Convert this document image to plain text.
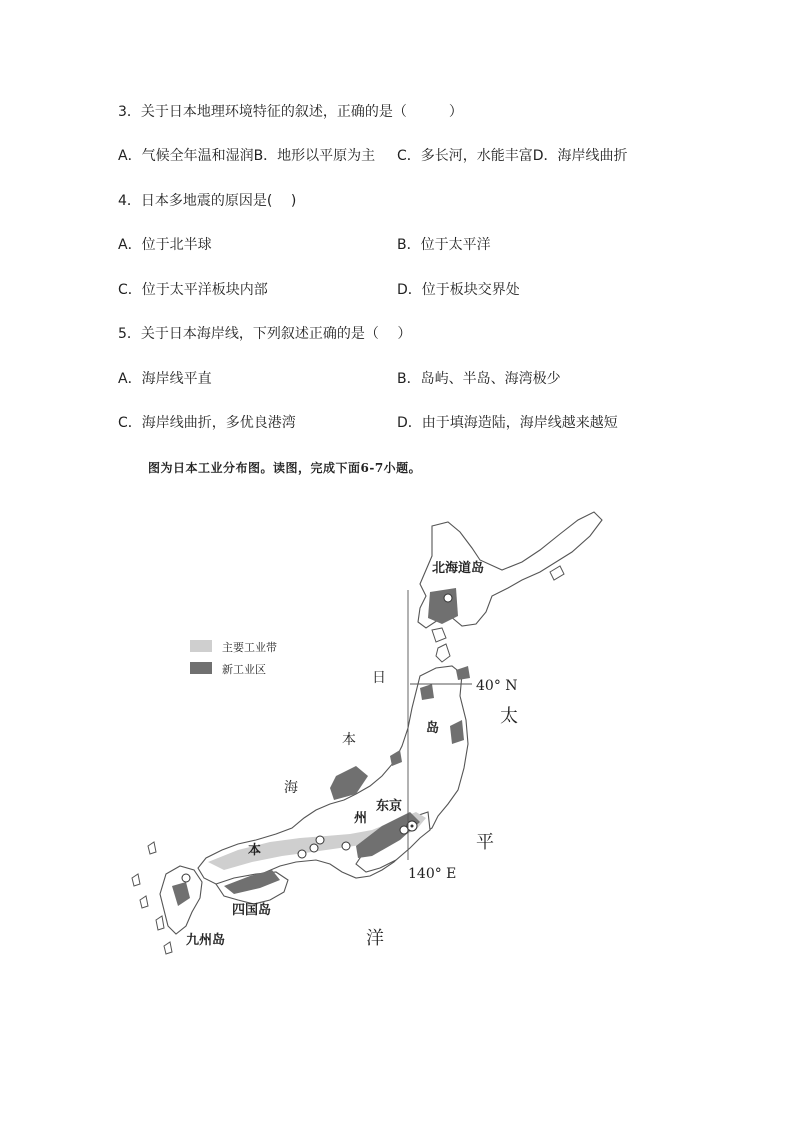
3．关于日本地理环境特征的叙述，正确的是（　　　）
A．气候全年温和湿润B．地形以平原为主 C．多长河，水能丰富D．海岸线曲折
4．日本多地震的原因是(　 )
A．位于北半球	B．位于太平洋
C．位于太平洋板块内部	D．位于板块交界处
5．关于日本海岸线，下列叙述正确的是（　 ）
A．海岸线平直	B．岛屿、半岛、海湾极少
C．海岸线曲折，多优良港湾	D．由于填海造陆，海岸线越来越短
图为日本工业分布图。读图，完成下面6-7小题。
主要工业带
新工业区
北海道岛
日
本
海
州
东京
本
岛
四国岛
九州岛
太
平
洋
40° N
140° E
